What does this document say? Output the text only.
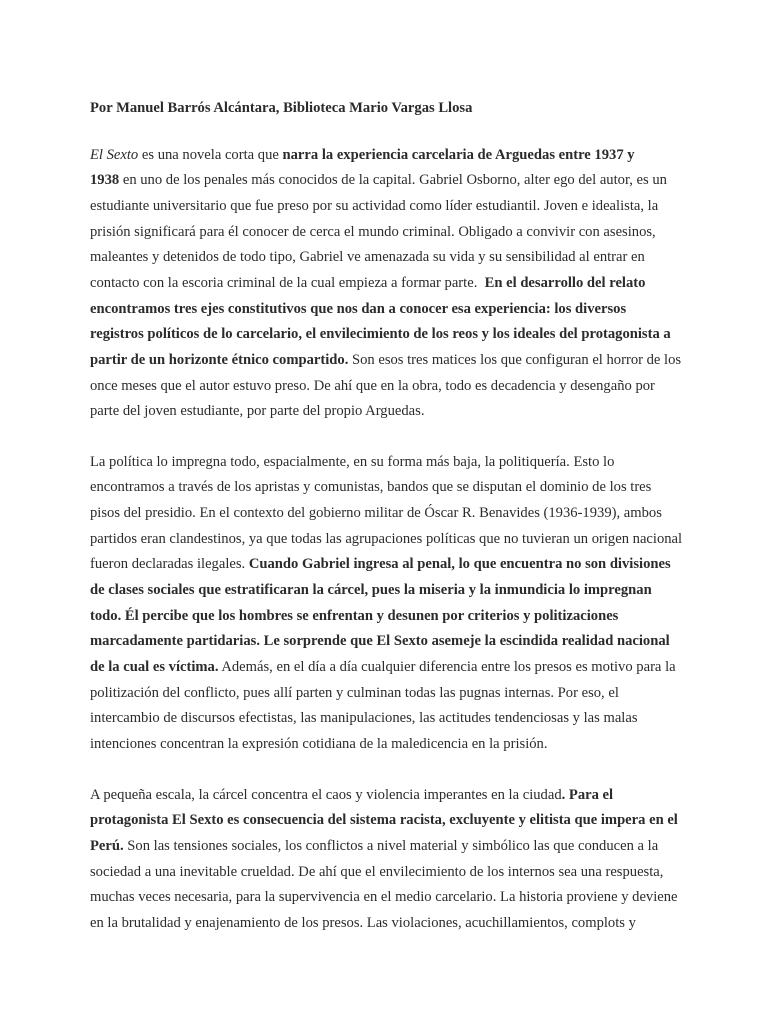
Por Manuel Barrós Alcántara, Biblioteca Mario Vargas Llosa
El Sexto es una novela corta que narra la experiencia carcelaria de Arguedas entre 1937 y
1938 en uno de los penales más conocidos de la capital. Gabriel Osborno, alter ego del autor, es un
estudiante universitario que fue preso por su actividad como líder estudiantil. Joven e idealista, la
prisión significará para él conocer de cerca el mundo criminal. Obligado a convivir con asesinos,
maleantes y detenidos de todo tipo, Gabriel ve amenazada su vida y su sensibilidad al entrar en
contacto con la escoria criminal de la cual empieza a formar parte.  En el desarrollo del relato
encontramos tres ejes constitutivos que nos dan a conocer esa experiencia: los diversos
registros políticos de lo carcelario, el envilecimiento de los reos y los ideales del protagonista a
partir de un horizonte étnico compartido. Son esos tres matices los que configuran el horror de los
once meses que el autor estuvo preso. De ahí que en la obra, todo es decadencia y desengaño por
parte del joven estudiante, por parte del propio Arguedas.
La política lo impregna todo, espacialmente, en su forma más baja, la politiquería. Esto lo
encontramos a través de los apristas y comunistas, bandos que se disputan el dominio de los tres
pisos del presidio. En el contexto del gobierno militar de Óscar R. Benavides (1936-1939), ambos
partidos eran clandestinos, ya que todas las agrupaciones políticas que no tuvieran un origen nacional
fueron declaradas ilegales. Cuando Gabriel ingresa al penal, lo que encuentra no son divisiones
de clases sociales que estratificaran la cárcel, pues la miseria y la inmundicia lo impregnan
todo. Él percibe que los hombres se enfrentan y desunen por criterios y politizaciones
marcadamente partidarias. Le sorprende que El Sexto asemeje la escindida realidad nacional
de la cual es víctima. Además, en el día a día cualquier diferencia entre los presos es motivo para la
politización del conflicto, pues allí parten y culminan todas las pugnas internas. Por eso, el
intercambio de discursos efectistas, las manipulaciones, las actitudes tendenciosas y las malas
intenciones concentran la expresión cotidiana de la maledicencia en la prisión.
A pequeña escala, la cárcel concentra el caos y violencia imperantes en la ciudad. Para el
protagonista El Sexto es consecuencia del sistema racista, excluyente y elitista que impera en el
Perú. Son las tensiones sociales, los conflictos a nivel material y simbólico las que conducen a la
sociedad a una inevitable crueldad. De ahí que el envilecimiento de los internos sea una respuesta,
muchas veces necesaria, para la supervivencia en el medio carcelario. La historia proviene y deviene
en la brutalidad y enajenamiento de los presos. Las violaciones, acuchillamientos, complots y
